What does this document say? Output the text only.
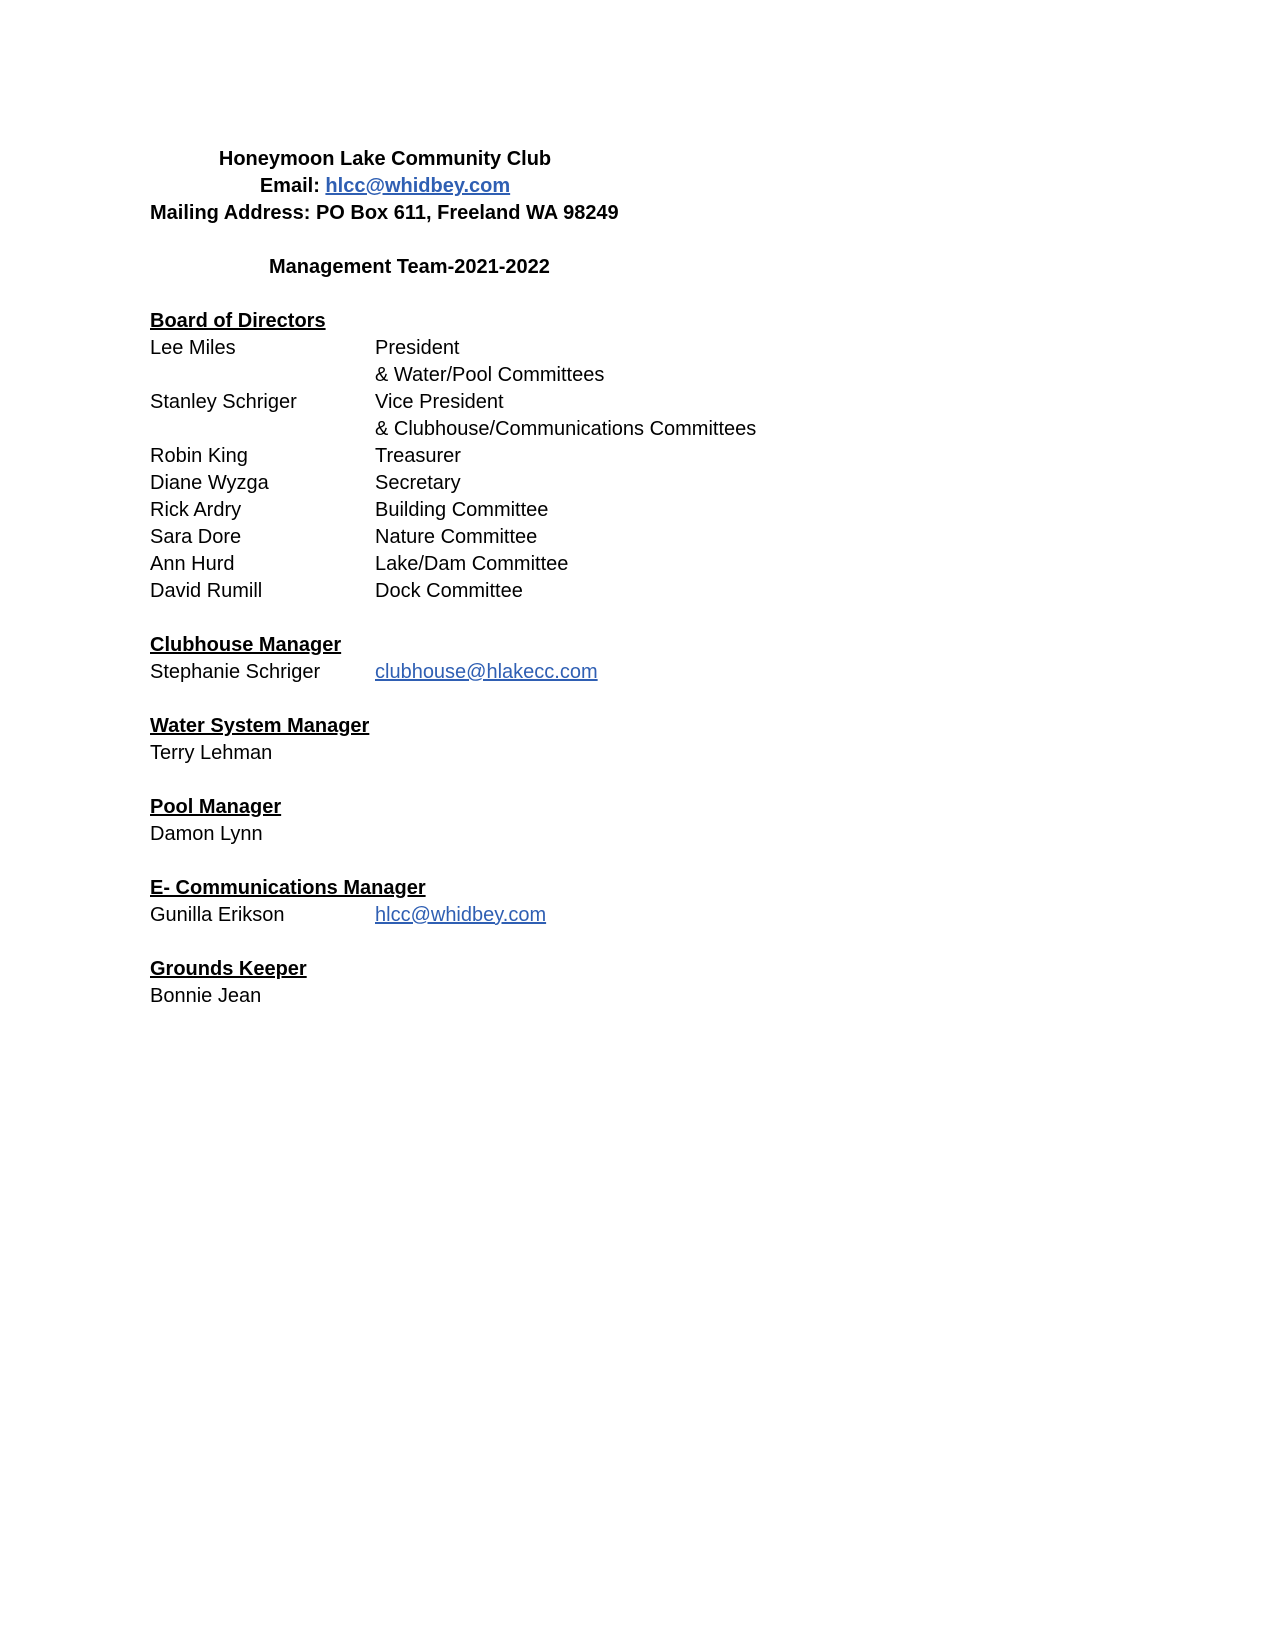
Honeymoon Lake Community Club
Email: hlcc@whidbey.com
Mailing Address: PO Box 611, Freeland WA 98249
Management Team-2021-2022
Board of Directors
Lee Miles	President
& Water/Pool Committees
Stanley Schriger	Vice President
& Clubhouse/Communications Committees
Robin King	Treasurer
Diane Wyzga	Secretary
Rick Ardry	Building Committee
Sara Dore	Nature Committee
Ann Hurd	Lake/Dam Committee
David Rumill	Dock Committee
Clubhouse Manager
Stephanie Schriger	clubhouse@hlakecc.com
Water System Manager
Terry Lehman
Pool Manager
Damon Lynn
E- Communications Manager
Gunilla Erikson	hlcc@whidbey.com
Grounds Keeper
Bonnie Jean
